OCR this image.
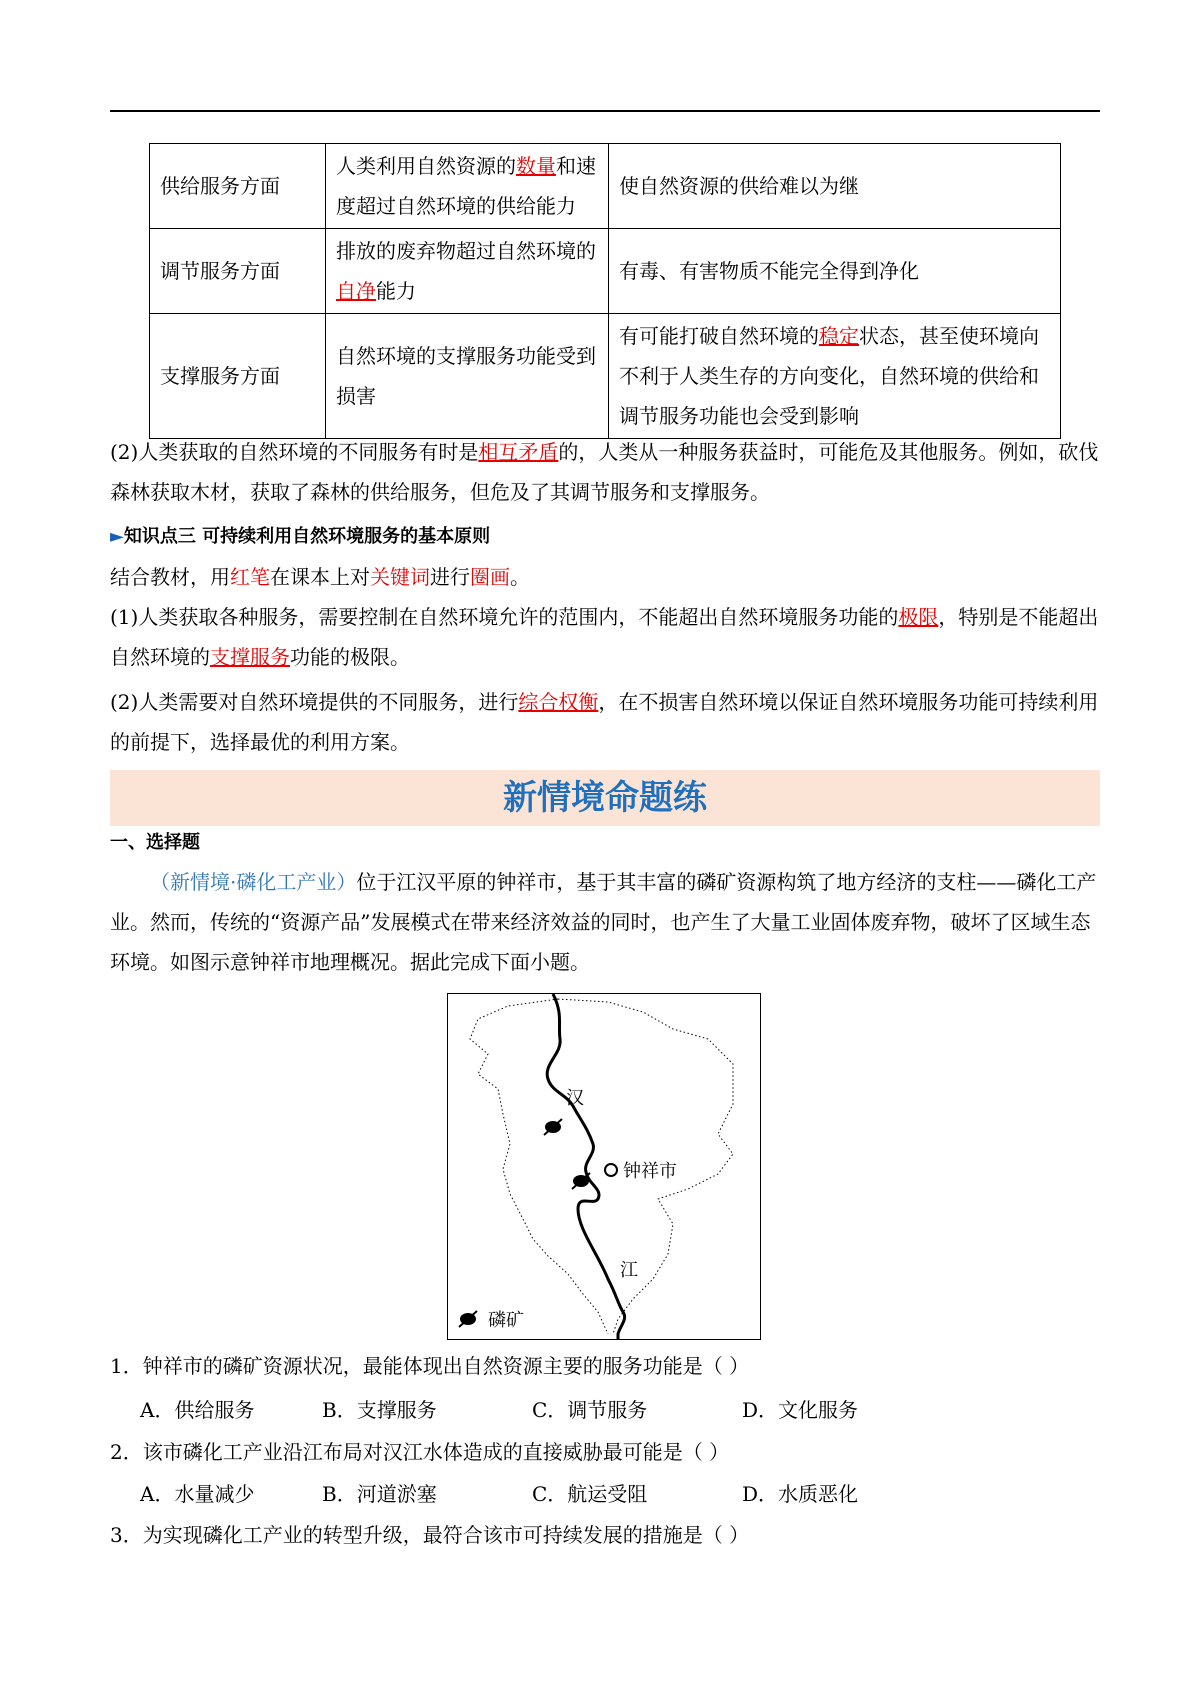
供给服务方面	人类利用自然资源的数量和速度超过自然环境的供给能力	使自然资源的供给难以为继
调节服务方面	排放的废弃物超过自然环境的自净能力	有毒、有害物质不能完全得到净化
支撑服务方面	自然环境的支撑服务功能受到损害	有可能打破自然环境的稳定状态，甚至使环境向不利于人类生存的方向变化，自然环境的供给和调节服务功能也会受到影响
(2)人类获取的自然环境的不同服务有时是相互矛盾的，人类从一种服务获益时，可能危及其他服务。例如，砍伐森林获取木材，获取了森林的供给服务，但危及了其调节服务和支撑服务。
►知识点三 可持续利用自然环境服务的基本原则
结合教材，用红笔在课本上对关键词进行圈画。
(1)人类获取各种服务，需要控制在自然环境允许的范围内，不能超出自然环境服务功能的极限，特别是不能超出自然环境的支撑服务功能的极限。
(2)人类需要对自然环境提供的不同服务，进行综合权衡，在不损害自然环境以保证自然环境服务功能可持续利用的前提下，选择最优的利用方案。
新情境命题练
一、选择题
（新情境·磷化工产业）位于江汉平原的钟祥市，基于其丰富的磷矿资源构筑了地方经济的支柱——磷化工产业。然而，传统的“资源产品”发展模式在带来经济效益的同时，也产生了大量工业固体废弃物，破坏了区域生态环境。如图示意钟祥市地理概况。据此完成下面小题。
汉
钟祥市
江
磷矿
1．钟祥市的磷矿资源状况，最能体现出自然资源主要的服务功能是（ ）
A．供给服务	B．支撑服务	C．调节服务	D．文化服务
2．该市磷化工产业沿江布局对汉江水体造成的直接威胁最可能是（ ）
A．水量减少	B．河道淤塞	C．航运受阻	D．水质恶化
3．为实现磷化工产业的转型升级，最符合该市可持续发展的措施是（ ）
